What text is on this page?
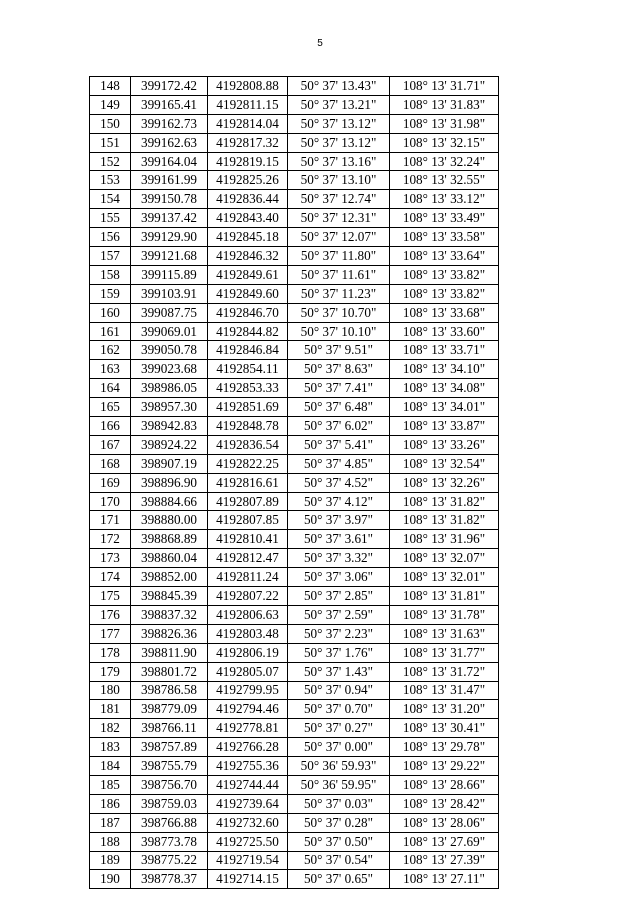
5
148	399172.42	4192808.88	50° 37' 13.43"	108° 13' 31.71"
149	399165.41	4192811.15	50° 37' 13.21"	108° 13' 31.83"
150	399162.73	4192814.04	50° 37' 13.12"	108° 13' 31.98"
151	399162.63	4192817.32	50° 37' 13.12"	108° 13' 32.15"
152	399164.04	4192819.15	50° 37' 13.16"	108° 13' 32.24"
153	399161.99	4192825.26	50° 37' 13.10"	108° 13' 32.55"
154	399150.78	4192836.44	50° 37' 12.74"	108° 13' 33.12"
155	399137.42	4192843.40	50° 37' 12.31"	108° 13' 33.49"
156	399129.90	4192845.18	50° 37' 12.07"	108° 13' 33.58"
157	399121.68	4192846.32	50° 37' 11.80"	108° 13' 33.64"
158	399115.89	4192849.61	50° 37' 11.61"	108° 13' 33.82"
159	399103.91	4192849.60	50° 37' 11.23"	108° 13' 33.82"
160	399087.75	4192846.70	50° 37' 10.70"	108° 13' 33.68"
161	399069.01	4192844.82	50° 37' 10.10"	108° 13' 33.60"
162	399050.78	4192846.84	50° 37' 9.51"	108° 13' 33.71"
163	399023.68	4192854.11	50° 37' 8.63"	108° 13' 34.10"
164	398986.05	4192853.33	50° 37' 7.41"	108° 13' 34.08"
165	398957.30	4192851.69	50° 37' 6.48"	108° 13' 34.01"
166	398942.83	4192848.78	50° 37' 6.02"	108° 13' 33.87"
167	398924.22	4192836.54	50° 37' 5.41"	108° 13' 33.26"
168	398907.19	4192822.25	50° 37' 4.85"	108° 13' 32.54"
169	398896.90	4192816.61	50° 37' 4.52"	108° 13' 32.26"
170	398884.66	4192807.89	50° 37' 4.12"	108° 13' 31.82"
171	398880.00	4192807.85	50° 37' 3.97"	108° 13' 31.82"
172	398868.89	4192810.41	50° 37' 3.61"	108° 13' 31.96"
173	398860.04	4192812.47	50° 37' 3.32"	108° 13' 32.07"
174	398852.00	4192811.24	50° 37' 3.06"	108° 13' 32.01"
175	398845.39	4192807.22	50° 37' 2.85"	108° 13' 31.81"
176	398837.32	4192806.63	50° 37' 2.59"	108° 13' 31.78"
177	398826.36	4192803.48	50° 37' 2.23"	108° 13' 31.63"
178	398811.90	4192806.19	50° 37' 1.76"	108° 13' 31.77"
179	398801.72	4192805.07	50° 37' 1.43"	108° 13' 31.72"
180	398786.58	4192799.95	50° 37' 0.94"	108° 13' 31.47"
181	398779.09	4192794.46	50° 37' 0.70"	108° 13' 31.20"
182	398766.11	4192778.81	50° 37' 0.27"	108° 13' 30.41"
183	398757.89	4192766.28	50° 37' 0.00"	108° 13' 29.78"
184	398755.79	4192755.36	50° 36' 59.93"	108° 13' 29.22"
185	398756.70	4192744.44	50° 36' 59.95"	108° 13' 28.66"
186	398759.03	4192739.64	50° 37' 0.03"	108° 13' 28.42"
187	398766.88	4192732.60	50° 37' 0.28"	108° 13' 28.06"
188	398773.78	4192725.50	50° 37' 0.50"	108° 13' 27.69"
189	398775.22	4192719.54	50° 37' 0.54"	108° 13' 27.39"
190	398778.37	4192714.15	50° 37' 0.65"	108° 13' 27.11"
